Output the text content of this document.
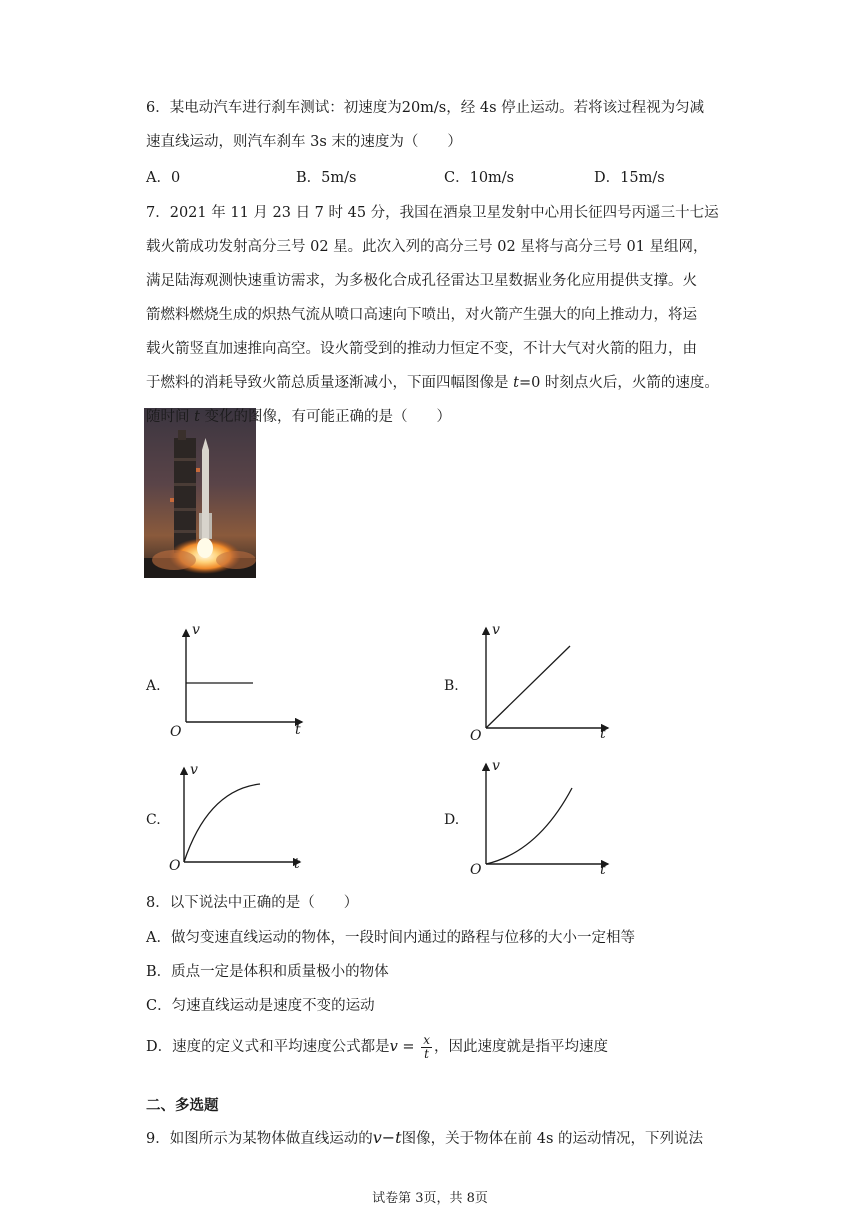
6．某电动汽车进行刹车测试：初速度为20m/s，经 4s 停止运动。若将该过程视为匀减
速直线运动，则汽车刹车 3s 末的速度为（　　）
A．0	B．5m/s	C．10m/s	D．15m/s
7．2021 年 11 月 23 日 7 时 45 分，我国在酒泉卫星发射中心用长征四号丙遥三十七运
载火箭成功发射高分三号 02 星。此次入列的高分三号 02 星将与高分三号 01 星组网，
满足陆海观测快速重访需求，为多极化合成孔径雷达卫星数据业务化应用提供支撑。火
箭燃料燃烧生成的炽热气流从喷口高速向下喷出，对火箭产生强大的向上推动力，将运
载火箭竖直加速推向高空。设火箭受到的推动力恒定不变，不计大气对火箭的阻力，由
于燃料的消耗导致火箭总质量逐渐减小，下面四幅图像是 t=0 时刻点火后，火箭的速度。
A.
v
t
O
B.
v
t
O
C.
v
t
O
D.
v
t
O
8．以下说法中正确的是（　　）
A．做匀变速直线运动的物体，一段时间内通过的路程与位移的大小一定相等
B．质点一定是体积和质量极小的物体
C．匀速直线运动是速度不变的运动
D．速度的定义式和平均速度公式都是$v = \frac{x}{t}$ ，因此速度就是指平均速度
二、多选题
9．如图所示为某物体做直线运动的v−t图像，关于物体在前 4s 的运动情况，下列说法
试卷第 3页，共 8页
随时间 t 变化的图像，有可能正确的是（　　）
